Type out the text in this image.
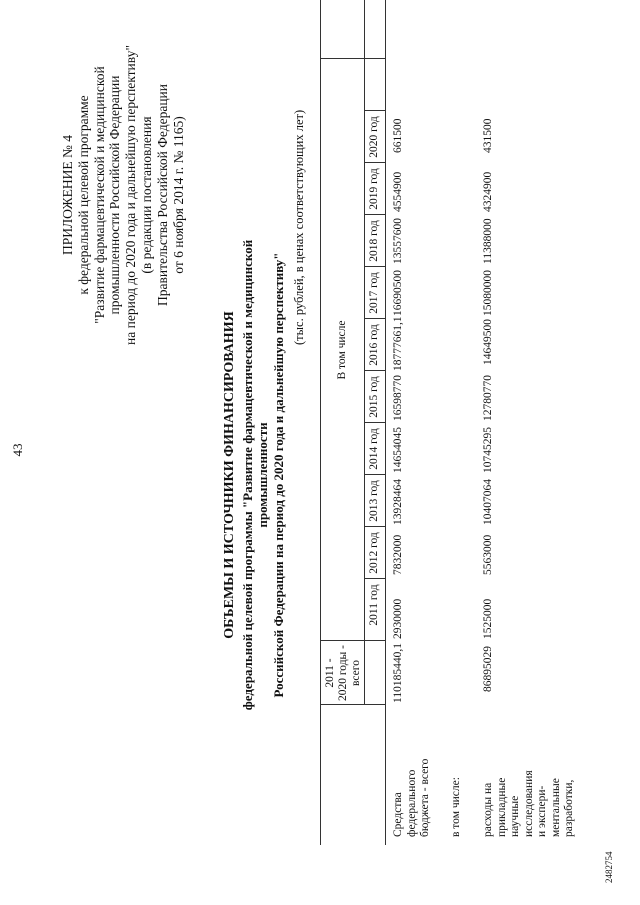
43
ПРИЛОЖЕНИЕ № 4 к федеральной целевой программе "Развитие фармацевтической и медицинской промышленности Российской Федерации на период до 2020 года и дальнейшую перспективу" (в редакции постановления Правительства Российской Федерации от 6 ноября 2014 г. № 1165)
ОБЪЕМЫ И ИСТОЧНИКИ ФИНАНСИРОВАНИЯ федеральной целевой программы "Развитие фармацевтической и медицинской промышленности Российской Федерации на период до 2020 года и дальнейшую перспективу"
(тыс. рублей, в ценах соответствующих лет)
2011 - 2020 годы - всего
В том числе
2011 год
2012 год
2013 год
2014 год
2015 год
2016 год
2017 год
2018 год
2019 год
2020 год
Средства федерального бюджета - всего
110185440,1
2930000
7832000
13928464
14654045
16598770
18777661,1
16690500
13557600
4554900
661500
в том числе: расходы на прикладные научные исследования и экспери- ментальные разработки,
86895029
1525000
5563000
10407064
10745295
12780770
14649500
15080000
11388000
4324900
431500
2482754
